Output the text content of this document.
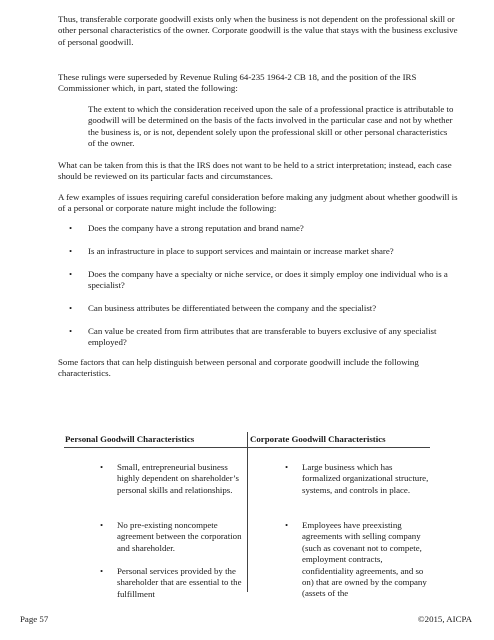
Thus, transferable corporate goodwill exists only when the business is not dependent on the professional skill or other personal characteristics of the owner. Corporate goodwill is the value that stays with the business exclusive of personal goodwill.

These rulings were superseded by Revenue Ruling 64-235 1964-2 CB 18, and the position of the IRS Commissioner which, in part, stated the following:

The extent to which the consideration received upon the sale of a professional practice is attributable to goodwill will be determined on the basis of the facts involved in the particular case and not by whether the business is, or is not, dependent solely upon the professional skill or other personal characteristics of the owner.

What can be taken from this is that the IRS does not want to be held to a strict interpretation; instead, each case should be reviewed on its particular facts and circumstances.

A few examples of issues requiring careful consideration before making any judgment about whether goodwill is of a personal or corporate nature might include the following:

• Does the company have a strong reputation and brand name?
• Is an infrastructure in place to support services and maintain or increase market share?
• Does the company have a specialty or niche service, or does it simply employ one individual who is a specialist?
• Can business attributes be differentiated between the company and the specialist?
• Can value be created from firm attributes that are transferable to buyers exclusive of any specialist employed?

Some factors that can help distinguish between personal and corporate goodwill include the following characteristics.

Personal Goodwill Characteristics	Corporate Goodwill Characteristics
• Small, entrepreneurial business highly dependent on shareholder’s personal skills and relationships.
• No pre-existing noncompete agreement between the corporation and shareholder.
• Personal services provided by the shareholder that are essential to the fulfillment
• Large business which has formalized organizational structure, systems, and controls in place.
• Employees have preexisting agreements with selling company (such as covenant not to compete, employment contracts, confidentiality agreements, and so on) that are owned by the company (assets of the
Page 57	©2015, AICPA
